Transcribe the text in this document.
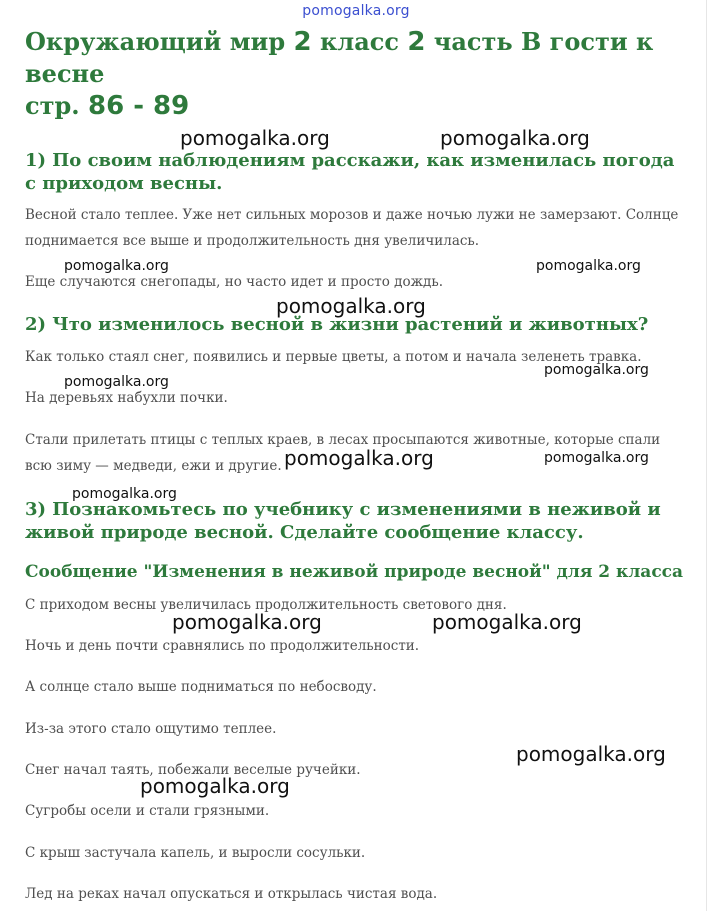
pomogalka.org
Окружающий мир 2 класс 2 часть В гости к весне
стр. 86 - 89
1) По своим наблюдениям расскажи, как изменилась погода с приходом весны.

Весной стало теплее. Уже нет сильных морозов и даже ночью лужи не замерзают. Солнце поднимается все выше и продолжительность дня увеличилась.

Еще случаются снегопады, но часто идет и просто дождь.

2) Что изменилось весной в жизни растений и животных?

Как только стаял снег, появились и первые цветы, а потом и начала зеленеть травка.

На деревьях набухли почки.

Стали прилетать птицы с теплых краев, в лесах просыпаются животные, которые спали всю зиму — медведи, ежи и другие.

3) Познакомьтесь по учебнику с изменениями в неживой и живой природе весной. Сделайте сообщение классу.
Сообщение "Изменения в неживой природе весной" для 2 класса

С приходом весны увеличилась продолжительность светового дня.

Ночь и день почти сравнялись по продолжительности.

А солнце стало выше подниматься по небосводу.

Из-за этого стало ощутимо теплее.

Снег начал таять, побежали веселые ручейки.

Сугробы осели и стали грязными.

С крыш застучала капель, и выросли сосульки.

Лед на реках начал опускаться и открылась чистая вода.

pomogalka.org	pomogalka.org
pomogalka.org	pomogalka.org
pomogalka.org
pomogalka.org
pomogalka.org
pomogalka.org	pomogalka.org
pomogalka.org
pomogalka.org	pomogalka.org
pomogalka.org
pomogalka.org
